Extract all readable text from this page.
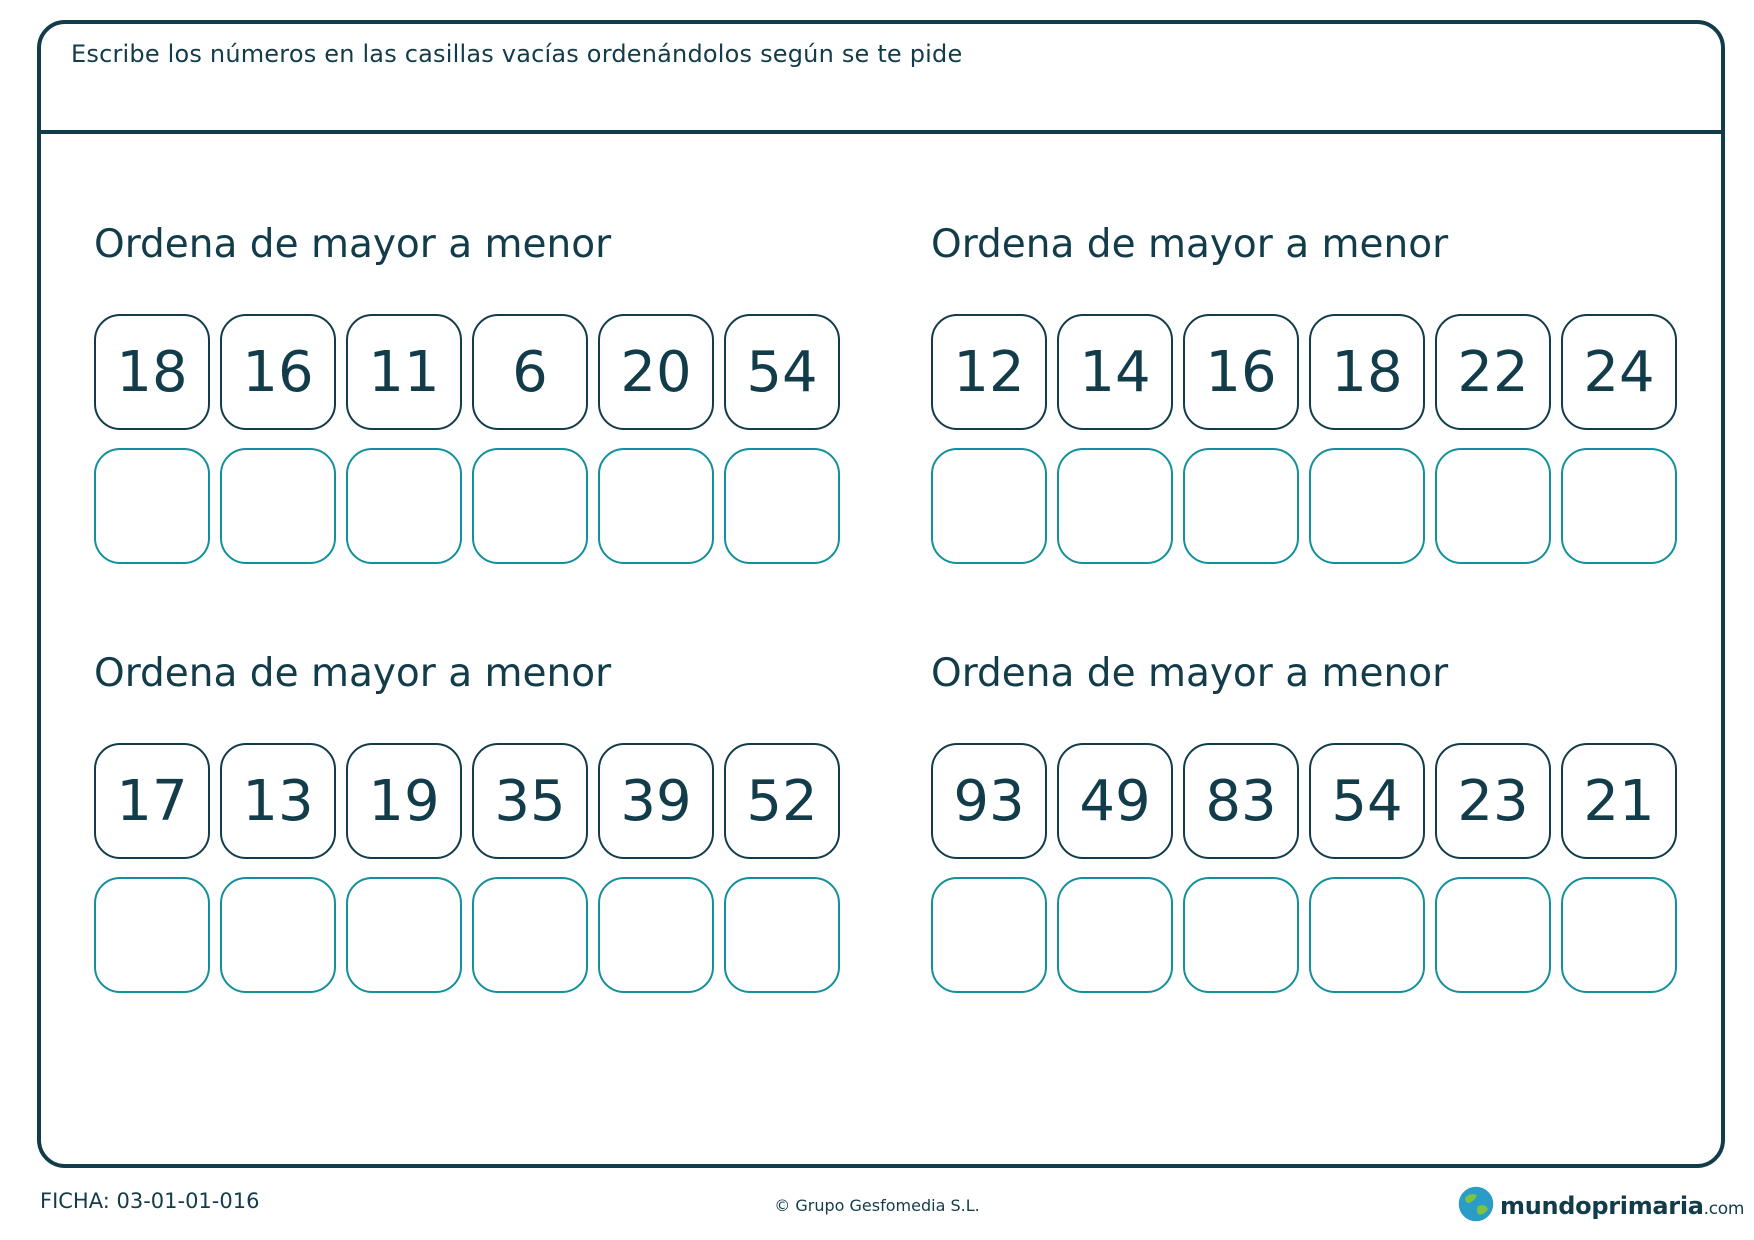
Escribe los números en las casillas vacías ordenándolos según se te pide
Ordena de mayor a menor
18 16 11	6	20 54
Ordena de mayor a menor
12 14 16 18 22 24
Ordena de mayor a menor
17 13 19 35 39 52
Ordena de mayor a menor
93 49 83 54 23 21
FICHA: 03-01-01-016	© Grupo Gesfomedia S.L.	mundoprimaria.com
